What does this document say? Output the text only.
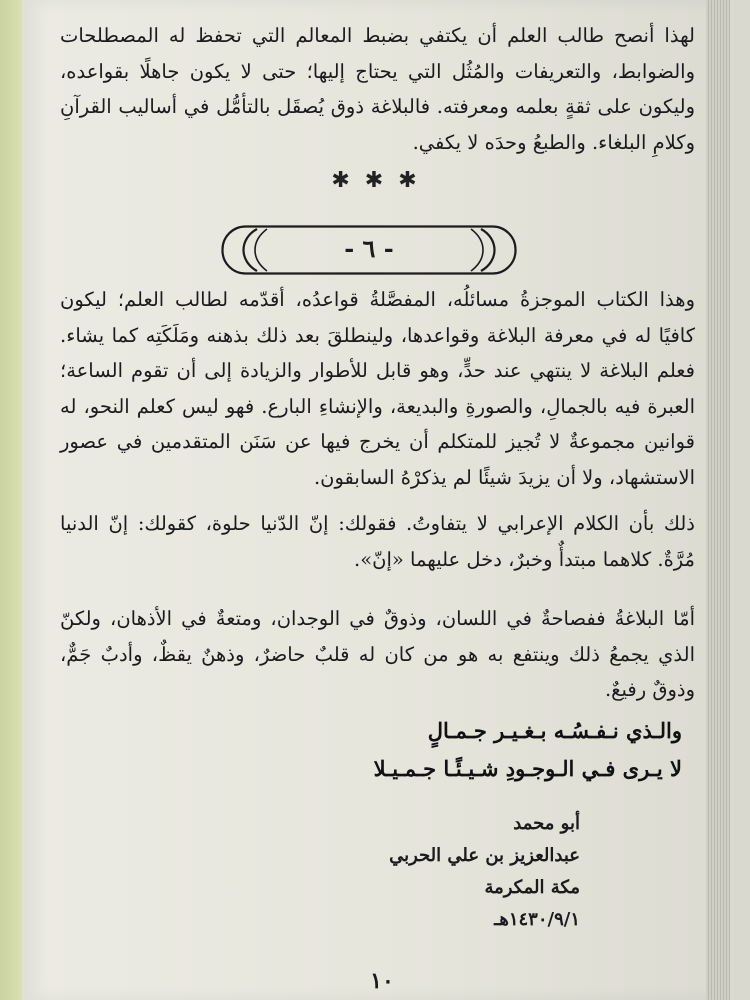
لهذا أنصح طالب العلم أن يكتفي بضبط المعالم التي تحفظ له المصطلحات والضوابط، والتعريفات والمُثُل التي يحتاج إليها؛ حتى لا يكون جاهلًا بقواعده، وليكون على ثقةٍ بعلمه ومعرفته. فالبلاغة ذوق يُصقَل بالتأمُّل في أساليب القرآنِ وكلامِ البلغاء. والطبعُ وحدَه لا يكفي.
✱ ✱ ✱
- ٦ -
وهذا الكتاب الموجزةُ مسائلُه، المفصَّلةُ قواعدُه، أقدّمه لطالب العلم؛ ليكون كافيًا له في معرفة البلاغة وقواعدها، ولينطلقَ بعد ذلك بذهنه ومَلَكَتِه كما يشاء. فعلم البلاغة لا ينتهي عند حدٍّ، وهو قابل للأطوار والزيادة إلى أن تقوم الساعة؛ العبرة فيه بالجمالِ، والصورةِ والبديعة، والإنشاءِ البارع. فهو ليس كعلم النحو، له قوانين مجموعةٌ لا تُجيز للمتكلم أن يخرج فيها عن سَنَن المتقدمين في عصور الاستشهاد، ولا أن يزيدَ شيئًا لم يذكرْهُ السابقون.
ذلك بأن الكلام الإعرابي لا يتفاوتُ. فقولك: إنّ الدّنيا حلوة، كقولك: إنّ الدنيا مُرَّةٌ. كلاهما مبتدأٌ وخبرٌ، دخل عليهما «إنّ».
أمّا البلاغةُ ففصاحةٌ في اللسان، وذوقٌ في الوجدان، ومتعةٌ في الأذهان، ولكنّ الذي يجمعُ ذلك وينتفع به هو من كان له قلبٌ حاضرٌ، وذهنٌ يقظٌ، وأدبٌ جَمٌّ، وذوقٌ رفيعٌ.
والـذي نـفـسُـه بـغـيـر جـمـالٍ
لا يـرى فـي الـوجـودِ شـيـئًـا جـمـيـلا
أبو محمد
عبدالعزيز بن علي الحربي
مكة المكرمة
١٤٣٠/٩/١هـ
١٠
